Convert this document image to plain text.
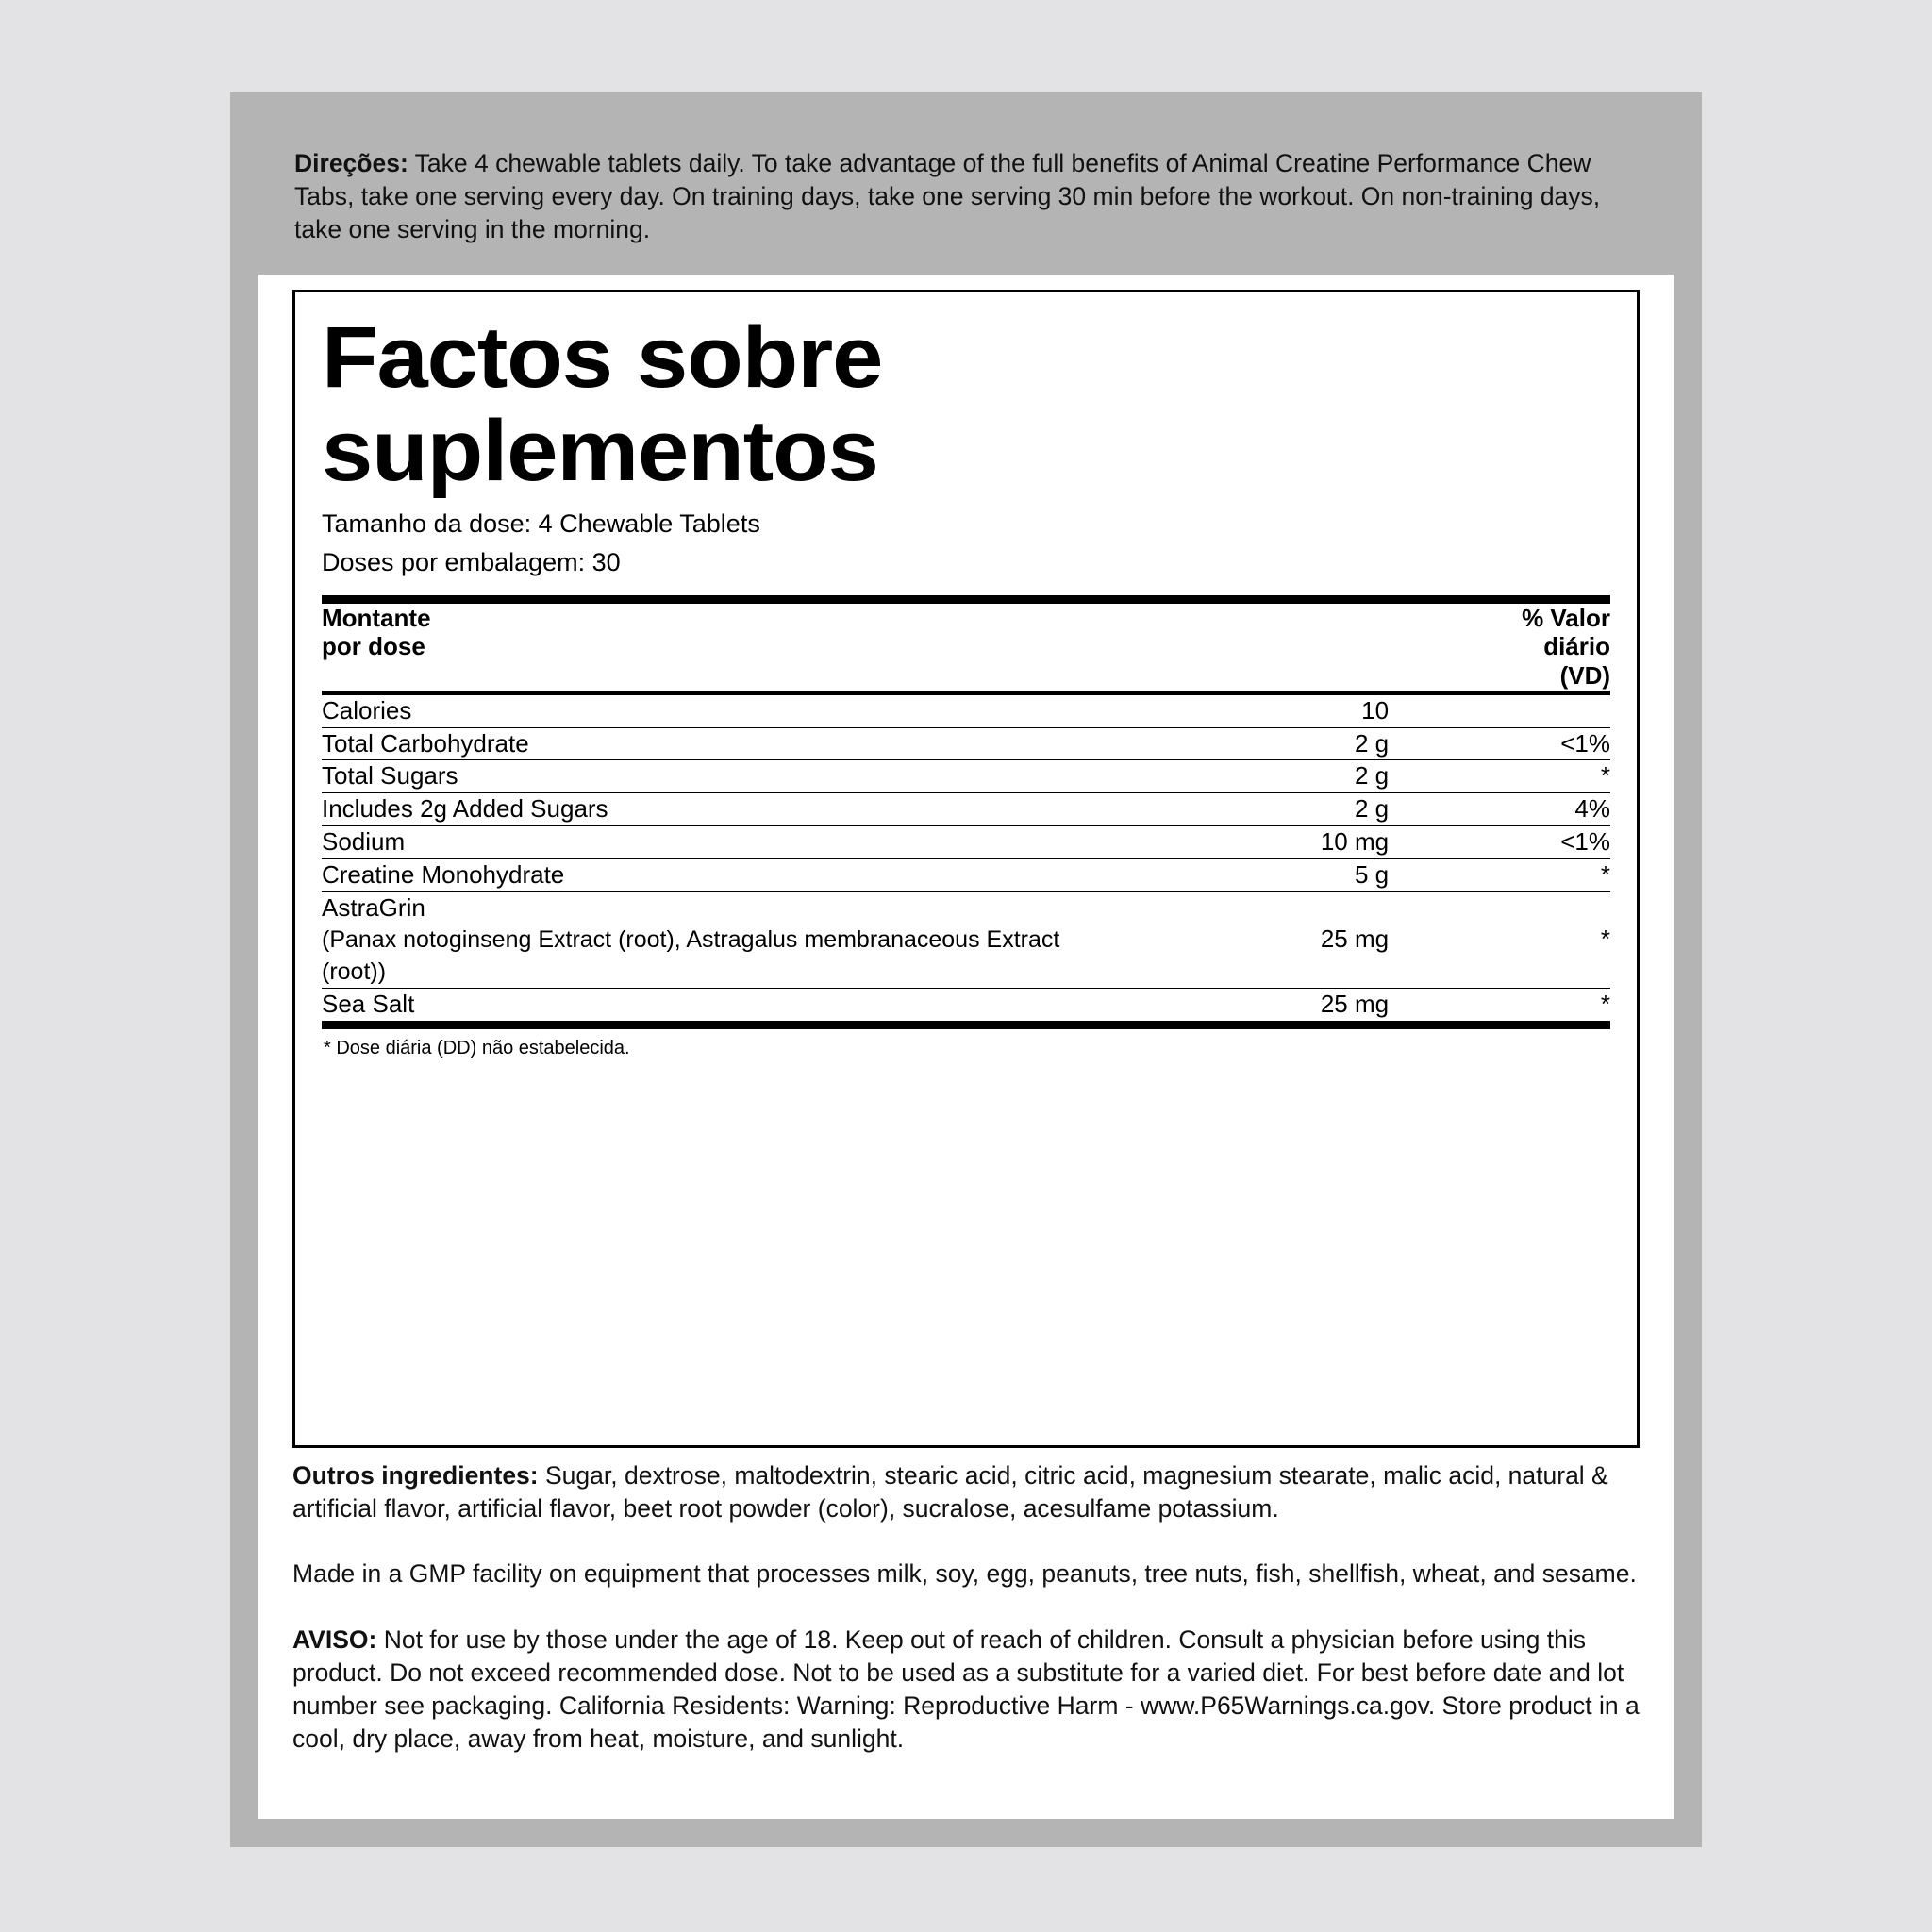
Direções: Take 4 chewable tablets daily. To take advantage of the full benefits of Animal Creatine Performance Chew Tabs, take one serving every day. On training days, take one serving 30 min before the workout. On non-training days, take one serving in the morning.
Factos sobre suplementos
Tamanho da dose: 4 Chewable Tablets
Doses por embalagem: 30
Montante
por dose		% Valor
diário
(VD)
Calories	10	
Total Carbohydrate	2 g	<1%
Total Sugars	2 g	*
Includes 2g Added Sugars	2 g	4%
Sodium	10 mg	<1%
Creatine Monohydrate	5 g	*
AstraGrin
(Panax notoginseng Extract (root), Astragalus membranaceous Extract (root))	25 mg	*
Sea Salt	25 mg	*
* Dose diária (DD) não estabelecida.

Outros ingredientes: Sugar, dextrose, maltodextrin, stearic acid, citric acid, magnesium stearate, malic acid, natural & artificial flavor, artificial flavor, beet root powder (color), sucralose, acesulfame potassium.

Made in a GMP facility on equipment that processes milk, soy, egg, peanuts, tree nuts, fish, shellfish, wheat, and sesame.

AVISO: Not for use by those under the age of 18. Keep out of reach of children. Consult a physician before using this product. Do not exceed recommended dose. Not to be used as a substitute for a varied diet. For best before date and lot number see packaging. California Residents: Warning: Reproductive Harm - www.P65Warnings.ca.gov. Store product in a cool, dry place, away from heat, moisture, and sunlight.
